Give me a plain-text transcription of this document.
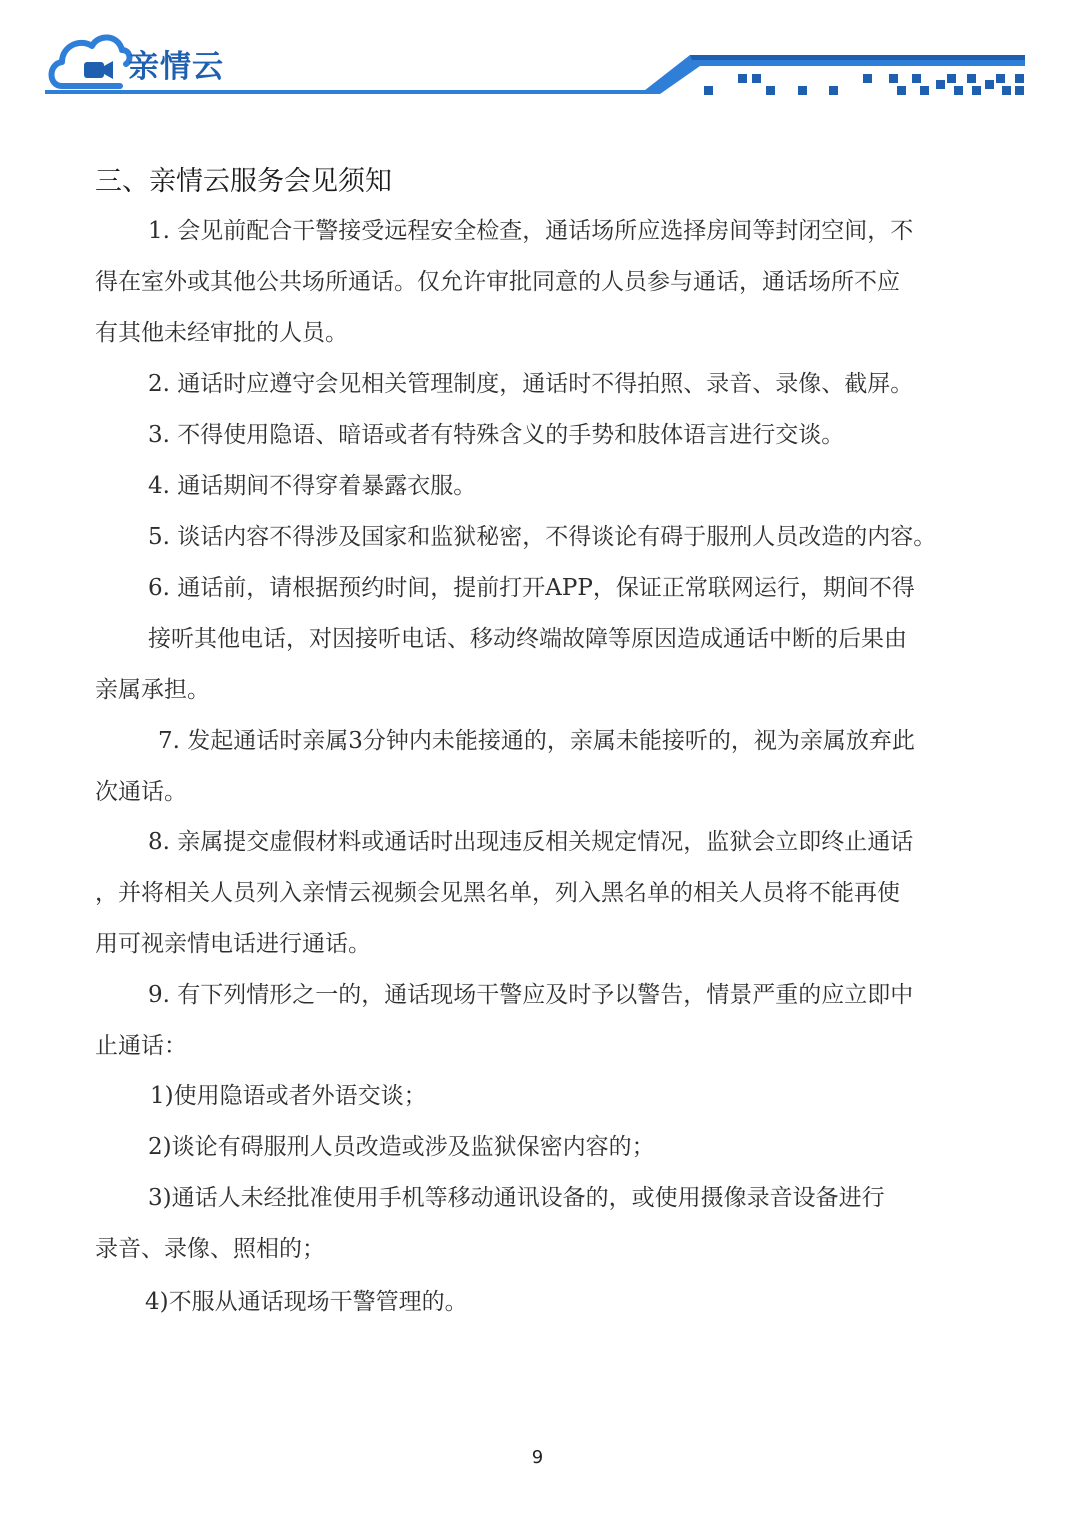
亲情云
三、亲情云服务会见须知
1. 会见前配合干警接受远程安全检查，通话场所应选择房间等封闭空间，不
得在室外或其他公共场所通话。仅允许审批同意的人员参与通话，通话场所不应
有其他未经审批的人员。
2. 通话时应遵守会见相关管理制度，通话时不得拍照、录音、录像、截屏。
3. 不得使用隐语、暗语或者有特殊含义的手势和肢体语言进行交谈。
4. 通话期间不得穿着暴露衣服。
5. 谈话内容不得涉及国家和监狱秘密，不得谈论有碍于服刑人员改造的内容。
6. 通话前，请根据预约时间，提前打开APP，保证正常联网运行，期间不得
接听其他电话，对因接听电话、移动终端故障等原因造成通话中断的后果由
亲属承担。
7. 发起通话时亲属3分钟内未能接通的，亲属未能接听的，视为亲属放弃此
次通话。
8. 亲属提交虚假材料或通话时出现违反相关规定情况，监狱会立即终止通话
，并将相关人员列入亲情云视频会见黑名单，列入黑名单的相关人员将不能再使
用可视亲情电话进行通话。
9. 有下列情形之一的，通话现场干警应及时予以警告，情景严重的应立即中
止通话：
1)使用隐语或者外语交谈；
2)谈论有碍服刑人员改造或涉及监狱保密内容的；
3)通话人未经批准使用手机等移动通讯设备的，或使用摄像录音设备进行
录音、录像、照相的；
4)不服从通话现场干警管理的。
9
